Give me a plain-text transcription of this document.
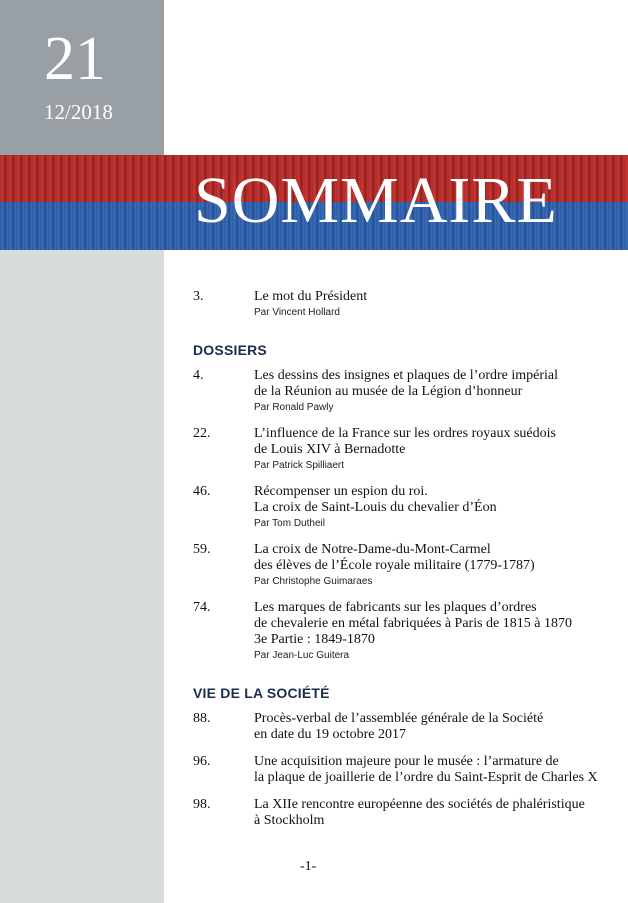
21
12/2018
SOMMAIRE
3.	Le mot du Président
Par Vincent Hollard
DOSSIERS
4.	Les dessins des insignes et plaques de l’ordre impérial
de la Réunion au musée de la Légion d’honneur
Par Ronald Pawly
22.	L’influence de la France sur les ordres royaux suédois
de Louis XIV à Bernadotte
Par Patrick Spilliaert
46.	Récompenser un espion du roi.
La croix de Saint-Louis du chevalier d’Éon
Par Tom Dutheil
59.	La croix de Notre-Dame-du-Mont-Carmel
des élèves de l’École royale militaire (1779-1787)
Par Christophe Guimaraes
74.	Les marques de fabricants sur les plaques d’ordres
de chevalerie en métal fabriquées à Paris de 1815 à 1870
3e Partie : 1849-1870
Par Jean-Luc Guitera
VIE DE LA SOCIÉTÉ
88.	Procès-verbal de l’assemblée générale de la Société
en date du 19 octobre 2017
96.	Une acquisition majeure pour le musée : l’armature de
la plaque de joaillerie de l’ordre du Saint-Esprit de Charles X
98.	La XIIe rencontre européenne des sociétés de phaléristique
à Stockholm
-1-
